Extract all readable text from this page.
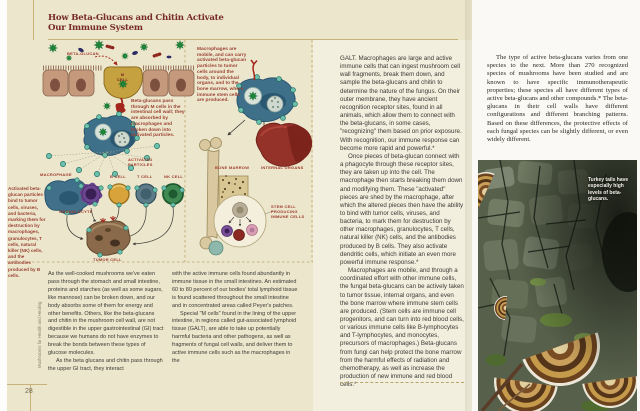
How Beta-Glucans and Chitin Activate
Our Immune System
BETA-GLUCAN
M CELL
Beta-glucans pass through M cells in the intestinal cell wall; they are absorbed by macrophages and broken down into activated particles.
ACTIVATED PARTICLES
MACROPHAGE
GRANULOCYTE
B CELL	T CELL	NK CELL
TUMOR CELL
Macrophages are mobile, and can carry activated beta-glucan particles to tumor cells around the body, to individual organs, and to the bone marrow, where immune stem cells are produced.
BONE MARROW	INTERNAL ORGANS
STEM CELL PRODUCING IMMUNE CELLS
Activated beta-glucan particles bind to tumor cells, viruses, and bacteria, marking them for destruction by macrophages, granulocytes, T cells, natural killer (NK) cells, and the antibodies produced by B cells.	As the well-cooked mushrooms we've eaten pass through the stomach and small intestine, proteins and starches (as well as some sugars, like mannose) can be broken down, and our body absorbs some of them for energy and other benefits. Others, like the beta-glucans and chitin in the mushroom cell wall, are not digestible in the upper gastrointestinal (GI) tract because we humans do not have enzymes to break the bonds between these types of glucose molecules.

As the beta glucans and chitin pass through the upper GI tract, they interact

with the active immune cells found abundantly in immune tissue in the small intestines. An estimated 60 to 80 percent of our bodies' total lymphoid tissue is found scattered throughout the small intestine and in concentrated areas called Peyer's patches.

Special "M cells" found in the lining of the upper intestine, in regions called gut-associated lymphoid tissue (GALT), are able to take up potentially harmful bacteria and other pathogens, as well as fragments of fungal cell walls, and deliver them to active immune cells such as the macrophages in the

GALT. Macrophages are large and active immune cells that can ingest mushroom cell wall fragments, break them down, and sample the beta-glucans and chitin to determine the nature of the fungus. On their outer membrane, they have ancient recognition receptor sites, found in all animals, which allow them to connect with the beta-glucans, in some cases, "recognizing" them based on prior exposure. With recognition, our immune response can become more rapid and powerful.*

Once pieces of beta-glucan connect with a phagocyte through these receptor sites, they are taken up into the cell. The macrophage then starts breaking them down and modifying them. These "activated" pieces are shed by the macrophage, after which the altered pieces then have the ability to bind with tumor cells, viruses, and bacteria, to mark them for destruction by other macrophages, granulocytes, T cells, natural killer (NK) cells, and the antibodies produced by B cells. They also activate dendritic cells, which initiate an even more powerful immune response.*

Macrophages are mobile, and through a coordinated effort with other immune cells, the fungal beta-glucans can be actively taken to tumor tissue, internal organs, and even the bone marrow where immune stem cells are produced. (Stem cells are immune cell progenitors, and can turn into red blood cells, or various immune cells like B-lymphocytes and T-lymphocytes, and monocytes, precursors of macrophages.) Beta-glucans from fungi can help protect the bone marrow from the harmful effects of radiation and chemotherapy, as well as increase the production of new immune and red blood cells.*

Mushrooms for Health and Healing
28
The type of active beta-glucans varies from one species to the next. More than 270 recognized species of mushrooms have been studied and are known to have specific immunotherapeutic properties; these species all have different types of active beta-glucans and other compounds.* The beta-glucans in their cell walls have different configurations and different branching patterns. Based on these differences, the protective effects of each fungal species can be slightly different, or even widely different.
Turkey tails have especially high levels of beta-glucans.
